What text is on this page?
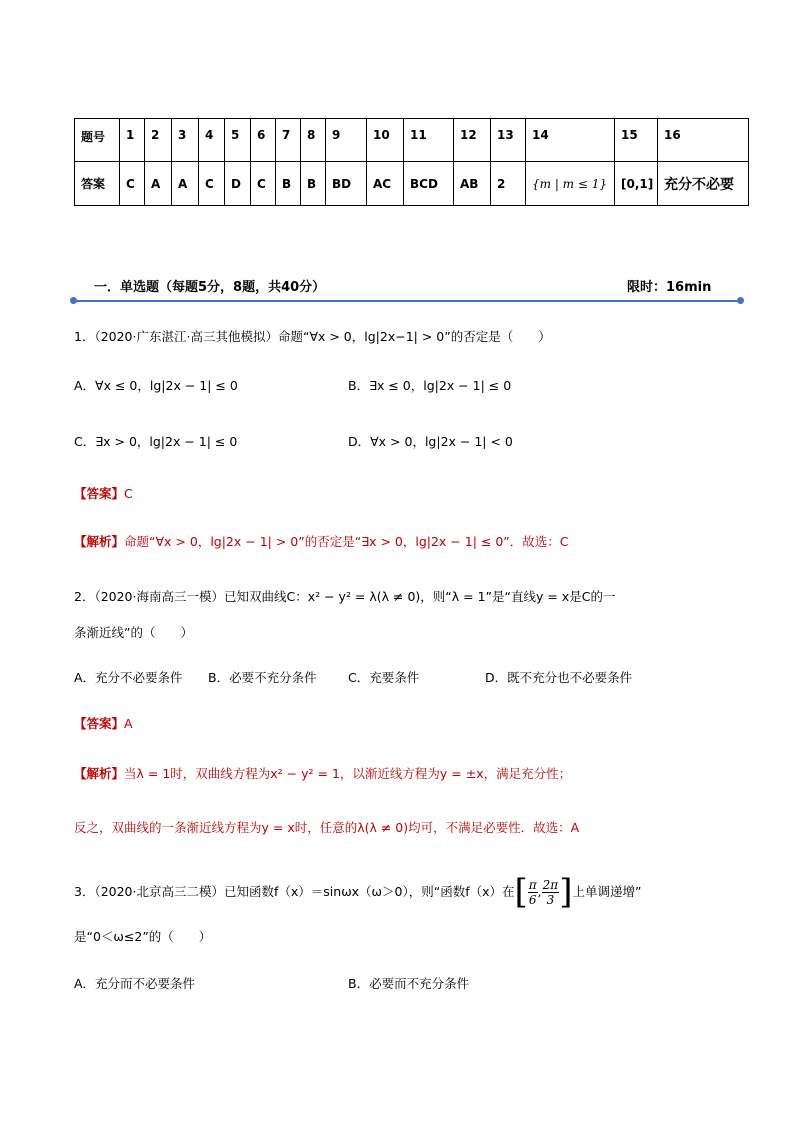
题号	1	2	3	4	5	6	7	8	9	10	11	12	13	14	15	16
答案	C	A	A	C	D	C	B	B	BD	AC	BCD	AB	2	{m | m ≤ 1}	[0,1]	充分不必要
一．单选题（每题5分，8题，共40分）	限时：16min
1．（2020·广东湛江·高三其他模拟）命题“∀x > 0，lg|2x−1| > 0”的否定是（　　）
A．∀x ≤ 0，lg|2x − 1| ≤ 0	B．∃x ≤ 0，lg|2x − 1| ≤ 0
C．∃x > 0，lg|2x − 1| ≤ 0	D．∀x > 0，lg|2x − 1| < 0
【答案】C
【解析】命题“∀x > 0，lg|2x − 1| > 0”的否定是“∃x > 0，lg|2x − 1| ≤ 0”．故选：C
2．（2020·海南高三一模）已知双曲线C：x² − y² = λ(λ ≠ 0)，则“λ = 1”是“直线y = x是C的一
条渐近线”的（　　）
A．充分不必要条件 B．必要不充分条件	C．充要条件	D．既不充分也不必要条件
【答案】A
【解析】当λ = 1时，双曲线方程为x² − y² = 1，以渐近线方程为y = ±x，满足充分性；
反之，双曲线的一条渐近线方程为y = x时，任意的λ(λ ≠ 0)均可，不满足必要性．故选：A
3．（2020·北京高三二模）已知函数f（x）＝sinωx（ω＞0），则“函数f（x）在 [ $\frac{\pi}{6}$ , $\frac{2\pi}{3}$ ] 上单调递增”
是“0＜ω≤2”的（　　）
A．充分而不必要条件	B．必要而不充分条件
